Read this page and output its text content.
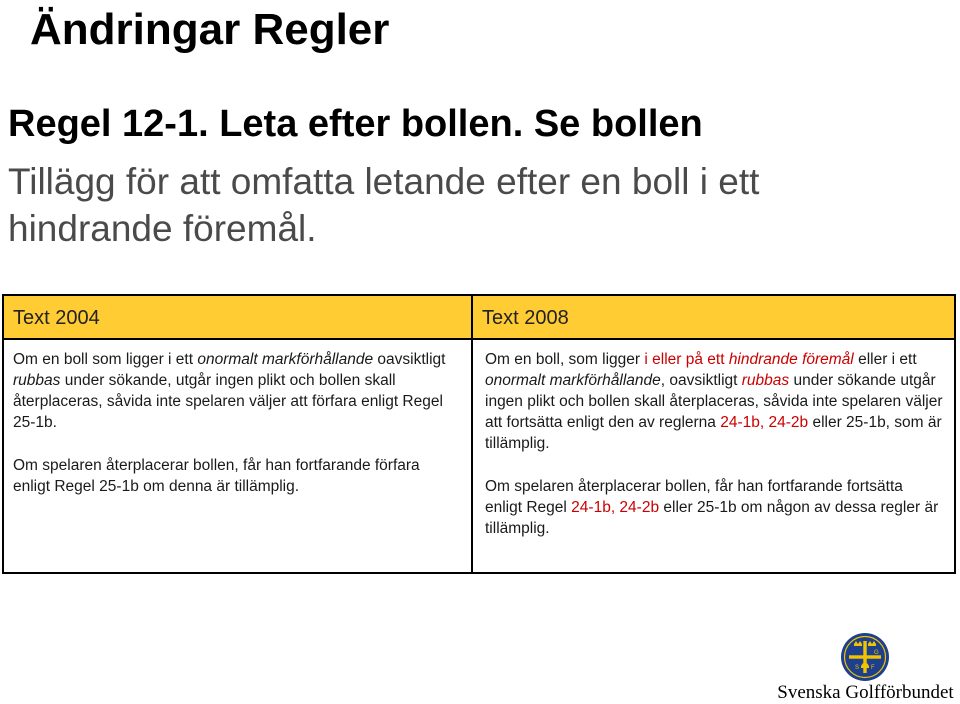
Ändringar Regler
Regel 12-1. Leta efter bollen. Se bollen
Tillägg för att omfatta letande efter en boll i ett hindrande föremål.
Text 2004

Om en boll som ligger i ett onormalt markförhållande oavsiktligt rubbas under sökande, utgår ingen plikt och bollen skall återplaceras, såvida inte spelaren väljer att förfara enligt Regel 25-1b.

Om spelaren återplacerar bollen, får han fortfarande förfara enligt Regel 25-1b om denna är tillämplig.

Text 2008

Om en boll, som ligger i eller på ett hindrande föremål eller i ett onormalt markförhållande, oavsiktligt rubbas under sökande utgår ingen plikt och bollen skall återplaceras, såvida inte spelaren väljer att fortsätta enligt den av reglerna 24-1b, 24-2b eller 25-1b, som är tillämplig.

Om spelaren återplacerar bollen, får han fortfarande fortsätta enligt Regel 24-1b, 24-2b eller 25-1b om någon av dessa regler är tillämplig.

S
G
F
Svenska Golfförbundet
